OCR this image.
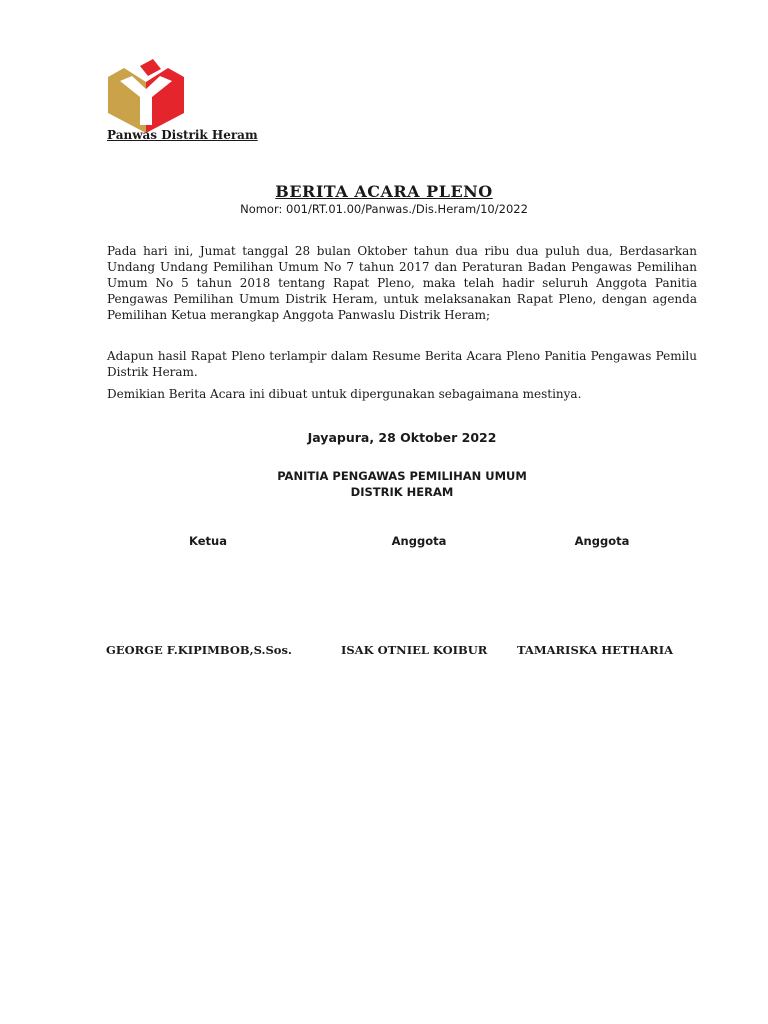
Panwas Distrik Heram
BERITA ACARA PLENO
Nomor: 001/RT.01.00/Panwas./Dis.Heram/10/2022

Pada hari ini, Jumat tanggal 28 bulan Oktober tahun dua ribu dua puluh dua, Berdasarkan Undang Undang Pemilihan Umum No 7 tahun 2017 dan Peraturan Badan Pengawas Pemilihan Umum No 5 tahun 2018 tentang Rapat Pleno, maka telah hadir seluruh Anggota Panitia Pengawas Pemilihan Umum Distrik Heram, untuk melaksanakan Rapat Pleno, dengan agenda Pemilihan Ketua merangkap Anggota Panwaslu Distrik Heram;

Adapun hasil Rapat Pleno terlampir dalam Resume Berita Acara Pleno Panitia Pengawas Pemilu Distrik Heram.

Demikian Berita Acara ini dibuat untuk dipergunakan sebagaimana mestinya.

Jayapura, 28 Oktober 2022
PANITIA PENGAWAS PEMILIHAN UMUM
DISTRIK HERAM
Ketua	Anggota	Anggota
GEORGE F.KIPIMBOB,S.Sos.	ISAK OTNIEL KOIBUR	TAMARISKA HETHARIA
